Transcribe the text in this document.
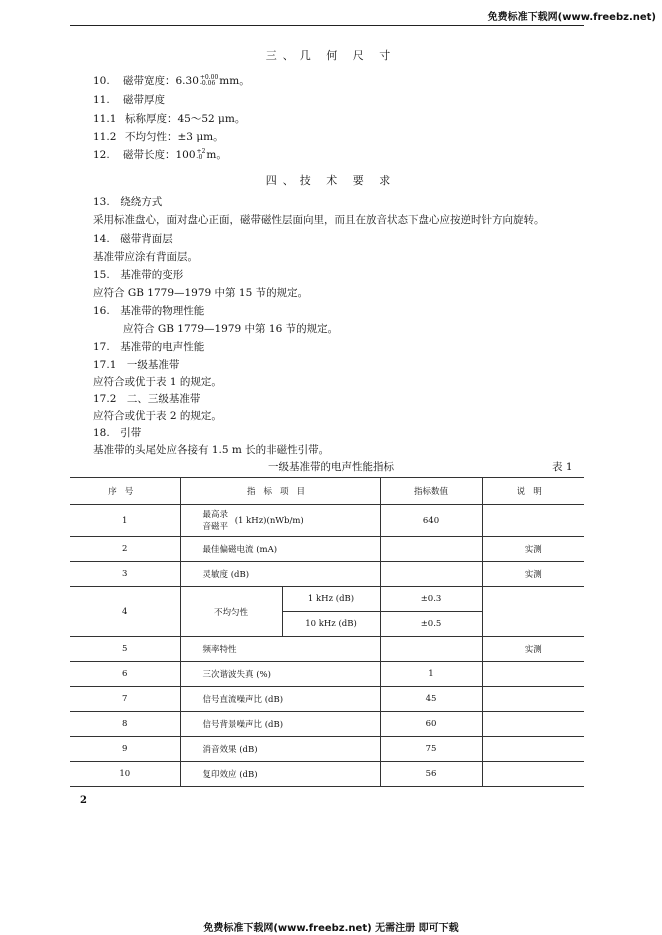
免费标准下载网(www.freebz.net)
三、几 何 尺 寸
10. 磁带宽度：6.30+0.00
-0.06 mm。
11. 磁带厚度
11.1 标称厚度：45～52 μm。
11.2 不均匀性：±3 μm。
12. 磁带长度：100+2
-0 m。
四、技 术 要 求
13.　绕绕方式
采用标准盘心，面对盘心正面，磁带磁性层面向里，而且在放音状态下盘心应按逆时针方向旋转。
14.　磁带背面层
基准带应涂有背面层。
15.　基准带的变形
应符合 GB 1779—1979 中第 15 节的规定。
16.　基准带的物理性能
应符合 GB 1779—1979 中第 16 节的规定。
17.　基准带的电声性能
17.1　一级基准带
应符合或优于表 1 的规定。
17.2　二、三级基准带
应符合或优于表 2 的规定。
18.　引带
基准带的头尾处应各接有 1.5 m 长的非磁性引带。
一级基准带的电声性能指标	表 1
序号	指标项目		指标数值	说明
1	最高录
音磁平 (1 kHz)(nWb/m)		640	
2	最佳偏磁电流 (mA)			实测
3	灵敏度 (dB)			实测
4	不均匀性	1 kHz (dB)	±0.3	
		10 kHz (dB)	±0.5	
5	频率特性			实测
6	三次谐波失真 (%)		1	
7	信号直流噪声比 (dB)		45	
8	信号背景噪声比 (dB)		60	
9	消音效果 (dB)		75	
10	复印效应 (dB)		56	
2
免费标准下载网(www.freebz.net) 无需注册 即可下载
